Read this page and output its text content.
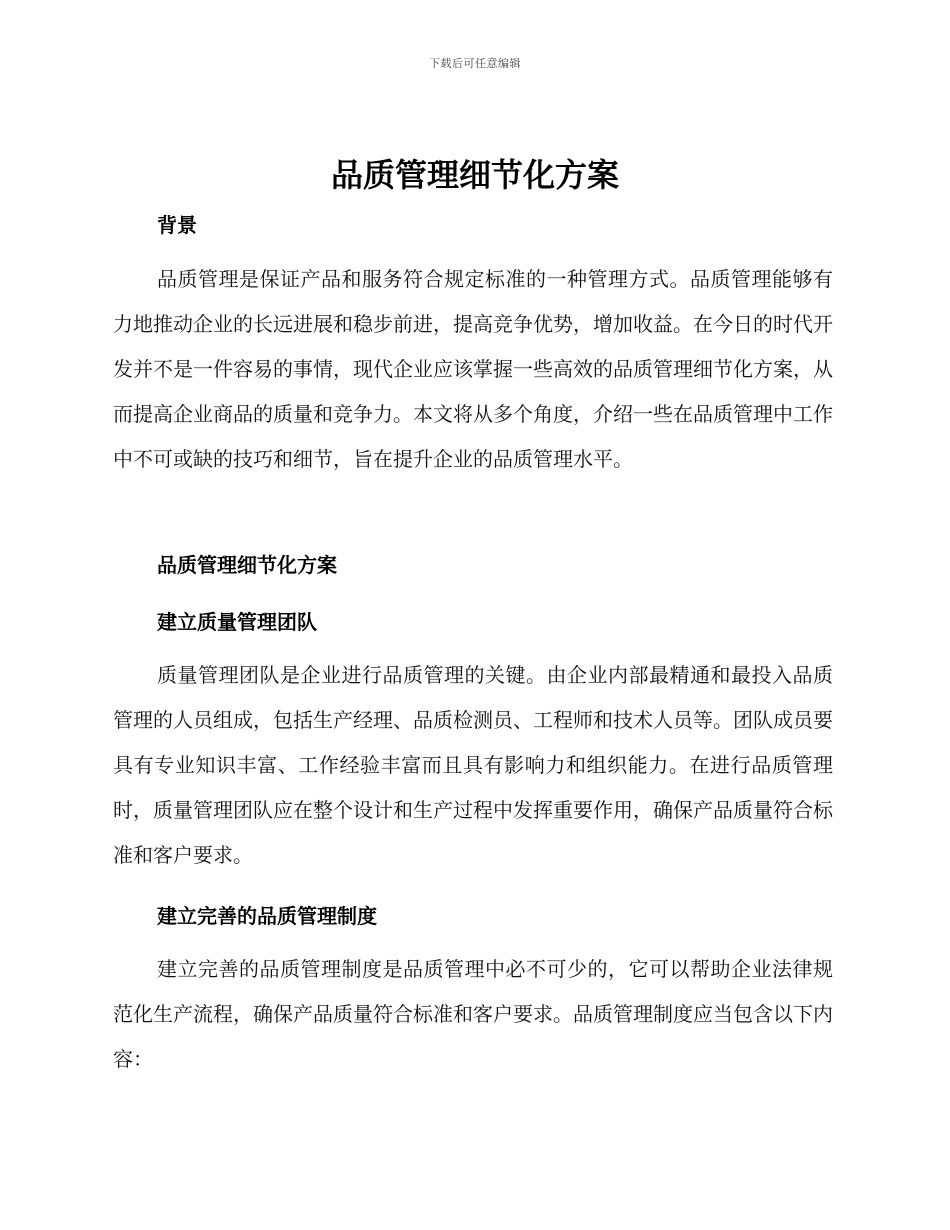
下载后可任意编辑
品质管理细节化方案
背景

品质管理是保证产品和服务符合规定标准的一种管理方式。品质管理能够有力地推动企业的长远进展和稳步前进，提高竞争优势，增加收益。在今日的时代开发并不是一件容易的事情，现代企业应该掌握一些高效的品质管理细节化方案，从而提高企业商品的质量和竞争力。本文将从多个角度，介绍一些在品质管理中工作中不可或缺的技巧和细节，旨在提升企业的品质管理水平。

品质管理细节化方案
建立质量管理团队

质量管理团队是企业进行品质管理的关键。由企业内部最精通和最投入品质管理的人员组成，包括生产经理、品质检测员、工程师和技术人员等。团队成员要具有专业知识丰富、工作经验丰富而且具有影响力和组织能力。在进行品质管理时，质量管理团队应在整个设计和生产过程中发挥重要作用，确保产品质量符合标准和客户要求。

建立完善的品质管理制度

建立完善的品质管理制度是品质管理中必不可少的，它可以帮助企业法律规范化生产流程，确保产品质量符合标准和客户要求。品质管理制度应当包含以下内容：
